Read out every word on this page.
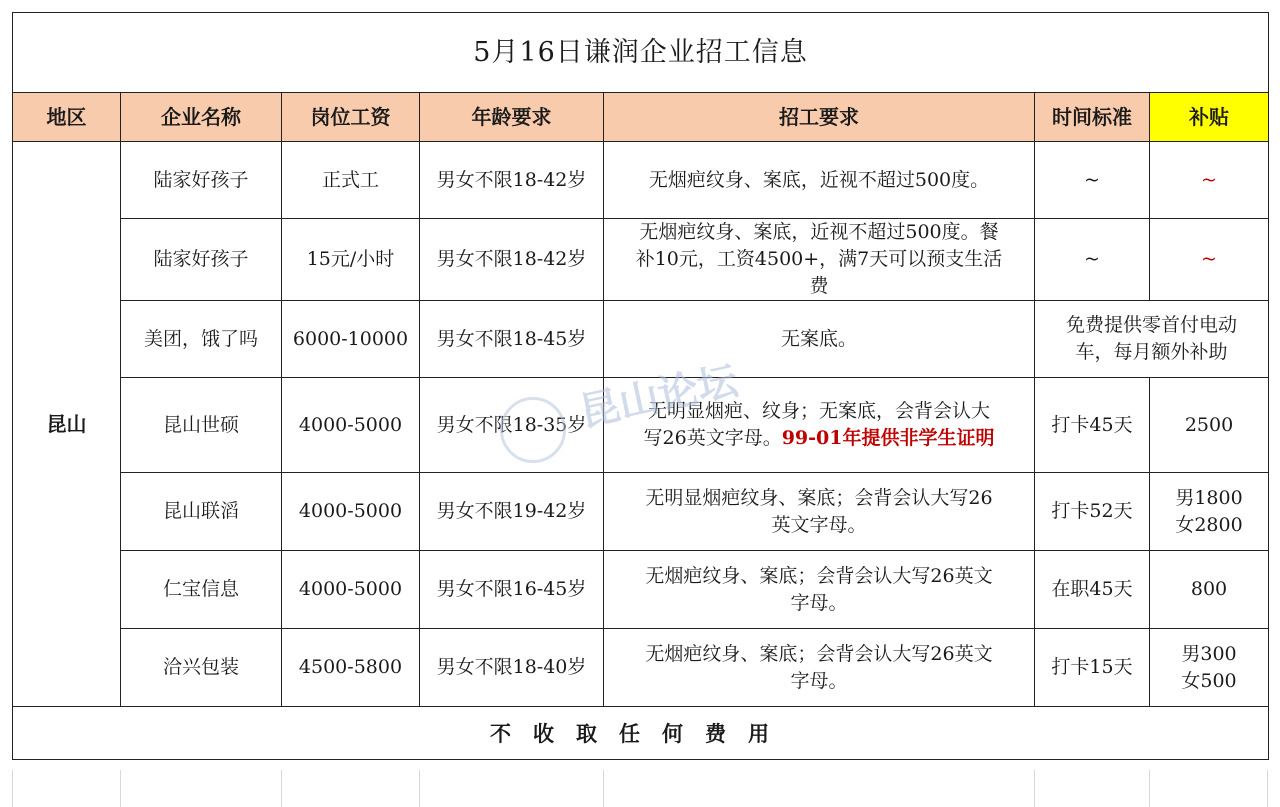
5月16日谦润企业招工信息						
地区	企业名称	岗位工资	年龄要求	招工要求	时间标准	补贴
昆山	陆家好孩子	正式工	男女不限18-42岁	无烟疤纹身、案底，近视不超过500度。	~	~
	陆家好孩子	15元/小时	男女不限18-42岁	无烟疤纹身、案底，近视不超过500度。餐
补10元，工资4500+，满7天可以预支生活
费	~	~
	美团，饿了吗	6000-10000	男女不限18-45岁	无案底。	免费提供零首付电动
车，每月额外补助	

	昆山世硕	4000-5000	男女不限18-35岁	无明显烟疤、纹身；无案底，会背会认大
写26英文字母。99-01年提供非学生证明	打卡45天	2500
	昆山联滔	4000-5000	男女不限19-42岁	无明显烟疤纹身、案底；会背会认大写26
英文字母。	打卡52天	男1800
女2800

	仁宝信息	4000-5000	男女不限16-45岁	无烟疤纹身、案底；会背会认大写26英文
字母。	在职45天	800
	洽兴包装	4500-5800	男女不限18-40岁	无烟疤纹身、案底；会背会认大写26英文
字母。	打卡15天	男300
女500

不收取任何费用						
昆山论坛
